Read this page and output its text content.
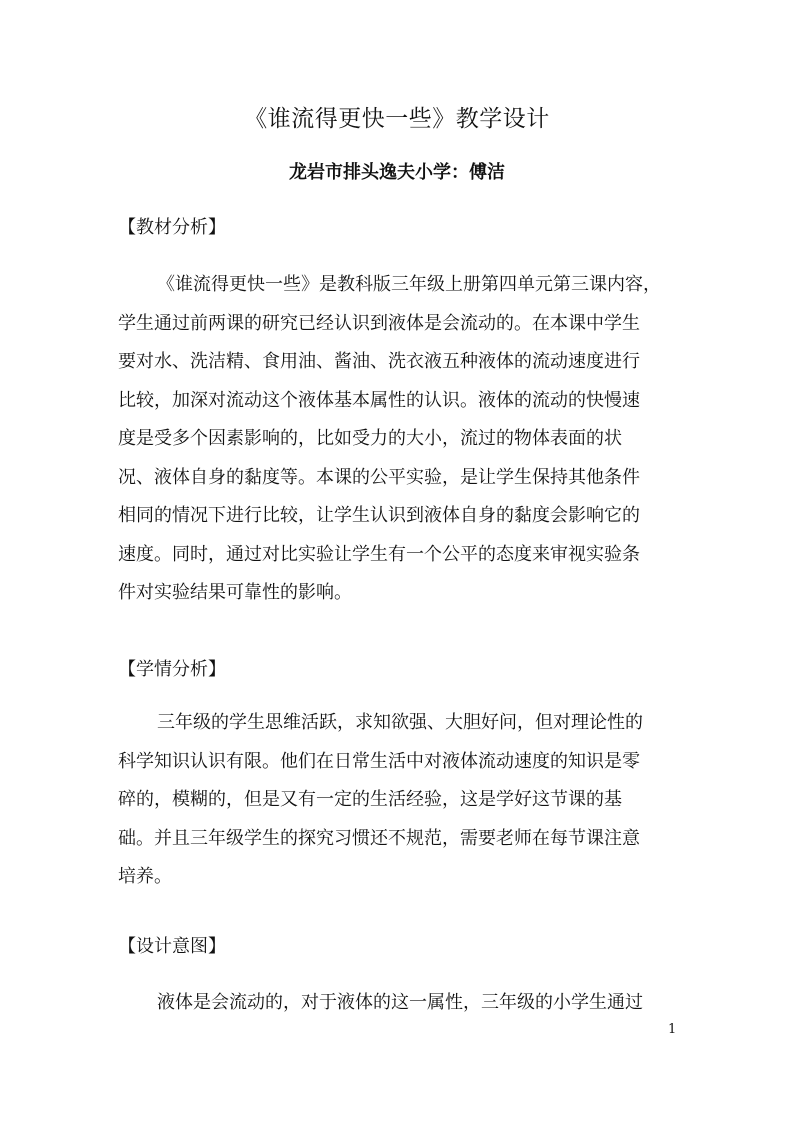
《谁流得更快一些》教学设计
龙岩市排头逸夫小学：傅洁
【教材分析】
《谁流得更快一些》是教科版三年级上册第四单元第三课内容，
学生通过前两课的研究已经认识到液体是会流动的。在本课中学生
要对水、洗洁精、食用油、酱油、洗衣液五种液体的流动速度进行
比较，加深对流动这个液体基本属性的认识。液体的流动的快慢速
度是受多个因素影响的，比如受力的大小，流过的物体表面的状
况、液体自身的黏度等。本课的公平实验，是让学生保持其他条件
相同的情况下进行比较，让学生认识到液体自身的黏度会影响它的
速度。同时，通过对比实验让学生有一个公平的态度来审视实验条
件对实验结果可靠性的影响。
【学情分析】
三年级的学生思维活跃，求知欲强、大胆好问，但对理论性的
科学知识认识有限。他们在日常生活中对液体流动速度的知识是零
碎的，模糊的，但是又有一定的生活经验，这是学好这节课的基
础。并且三年级学生的探究习惯还不规范，需要老师在每节课注意
培养。
【设计意图】
液体是会流动的，对于液体的这一属性，三年级的小学生通过
1
